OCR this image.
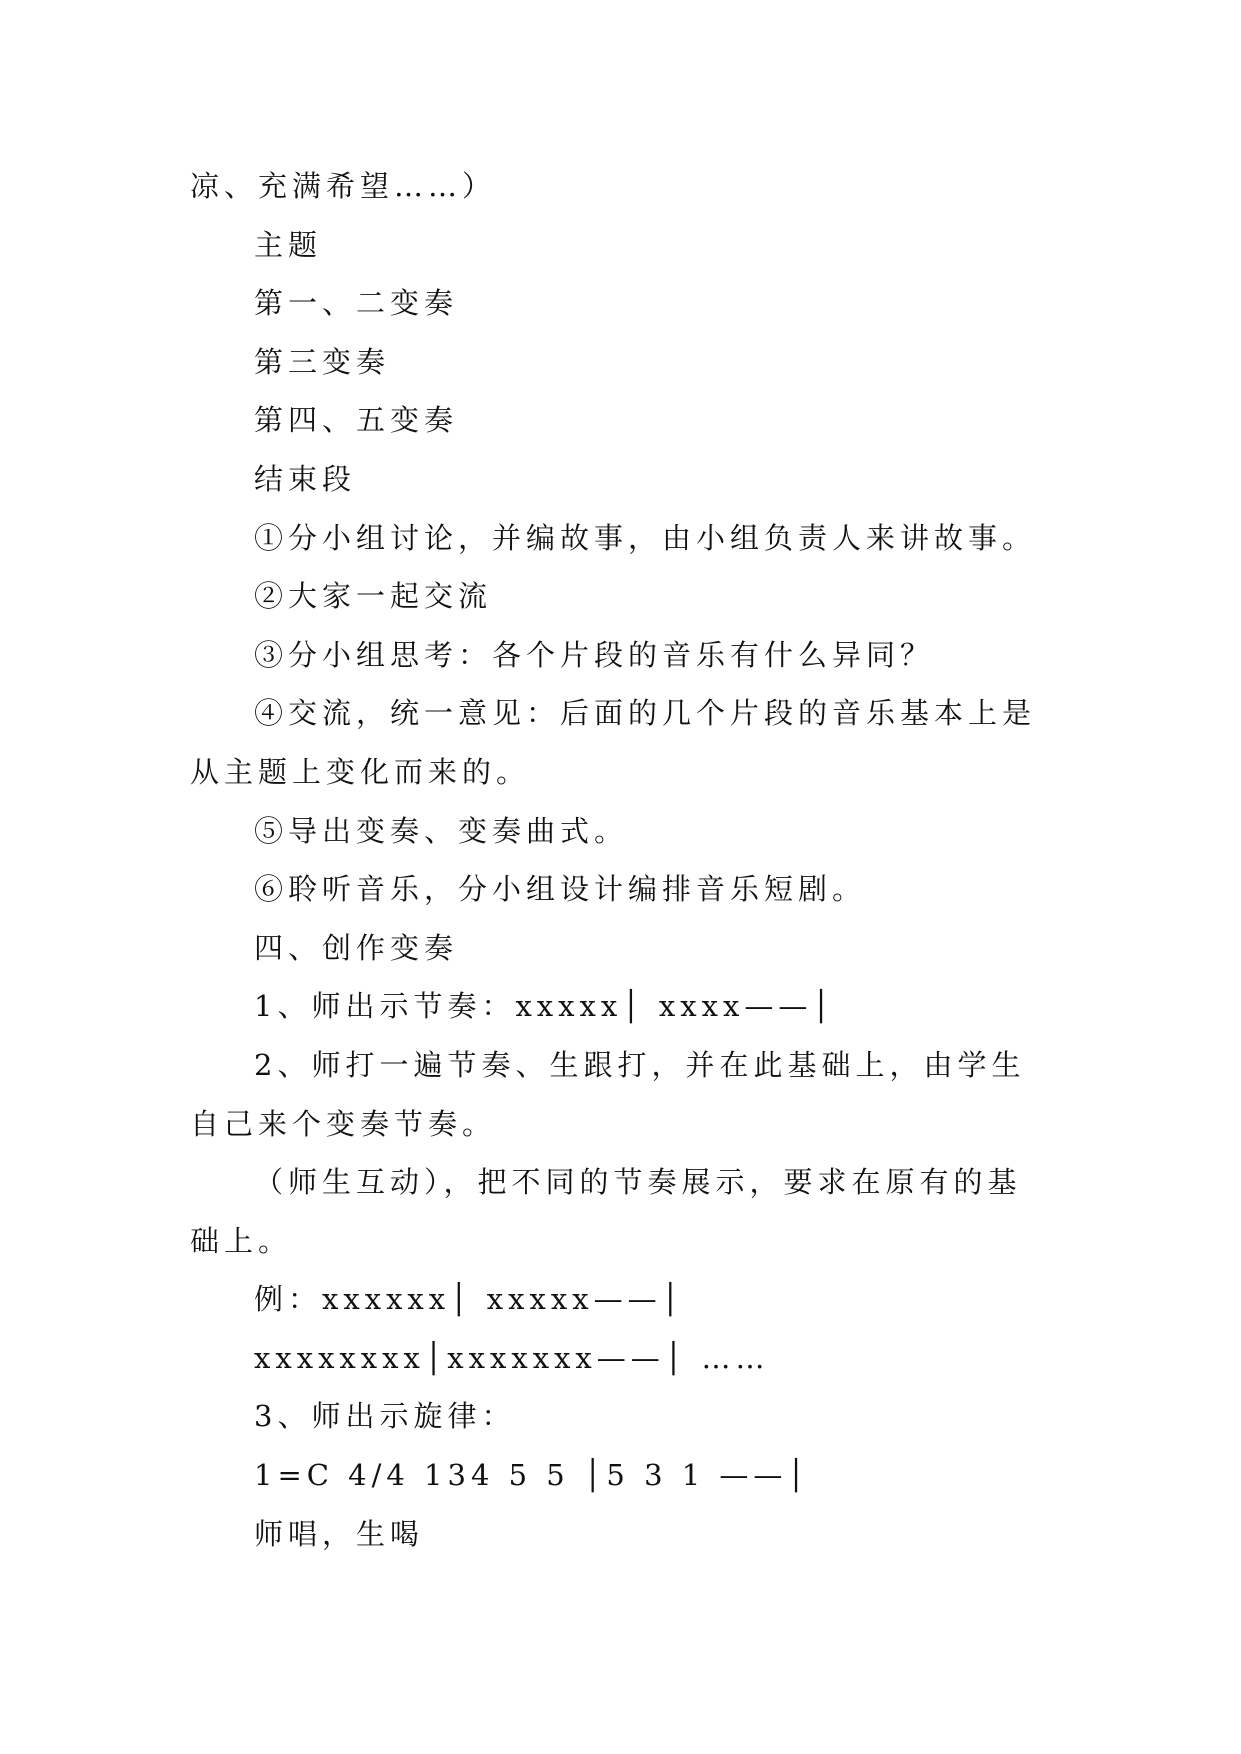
凉、充满希望……）

主题

第一、二变奏

第三变奏

第四、五变奏

结束段

①分小组讨论，并编故事，由小组负责人来讲故事。

②大家一起交流

③分小组思考：各个片段的音乐有什么异同？

④交流，统一意见：后面的几个片段的音乐基本上是从主题上变化而来的。

⑤导出变奏、变奏曲式。

⑥聆听音乐，分小组设计编排音乐短剧。

四、创作变奏

1、师出示节奏：xxxxx│ xxxx——│

2、师打一遍节奏、生跟打，并在此基础上，由学生自己来个变奏节奏。

（师生互动），把不同的节奏展示，要求在原有的基础上。

例：xxxxxx│ xxxxx——│

xxxxxxxx│xxxxxxx——│ ……

3、师出示旋律：

1=C 4/4 134 5 5 │5 3 1 ——│

师唱，生喝
